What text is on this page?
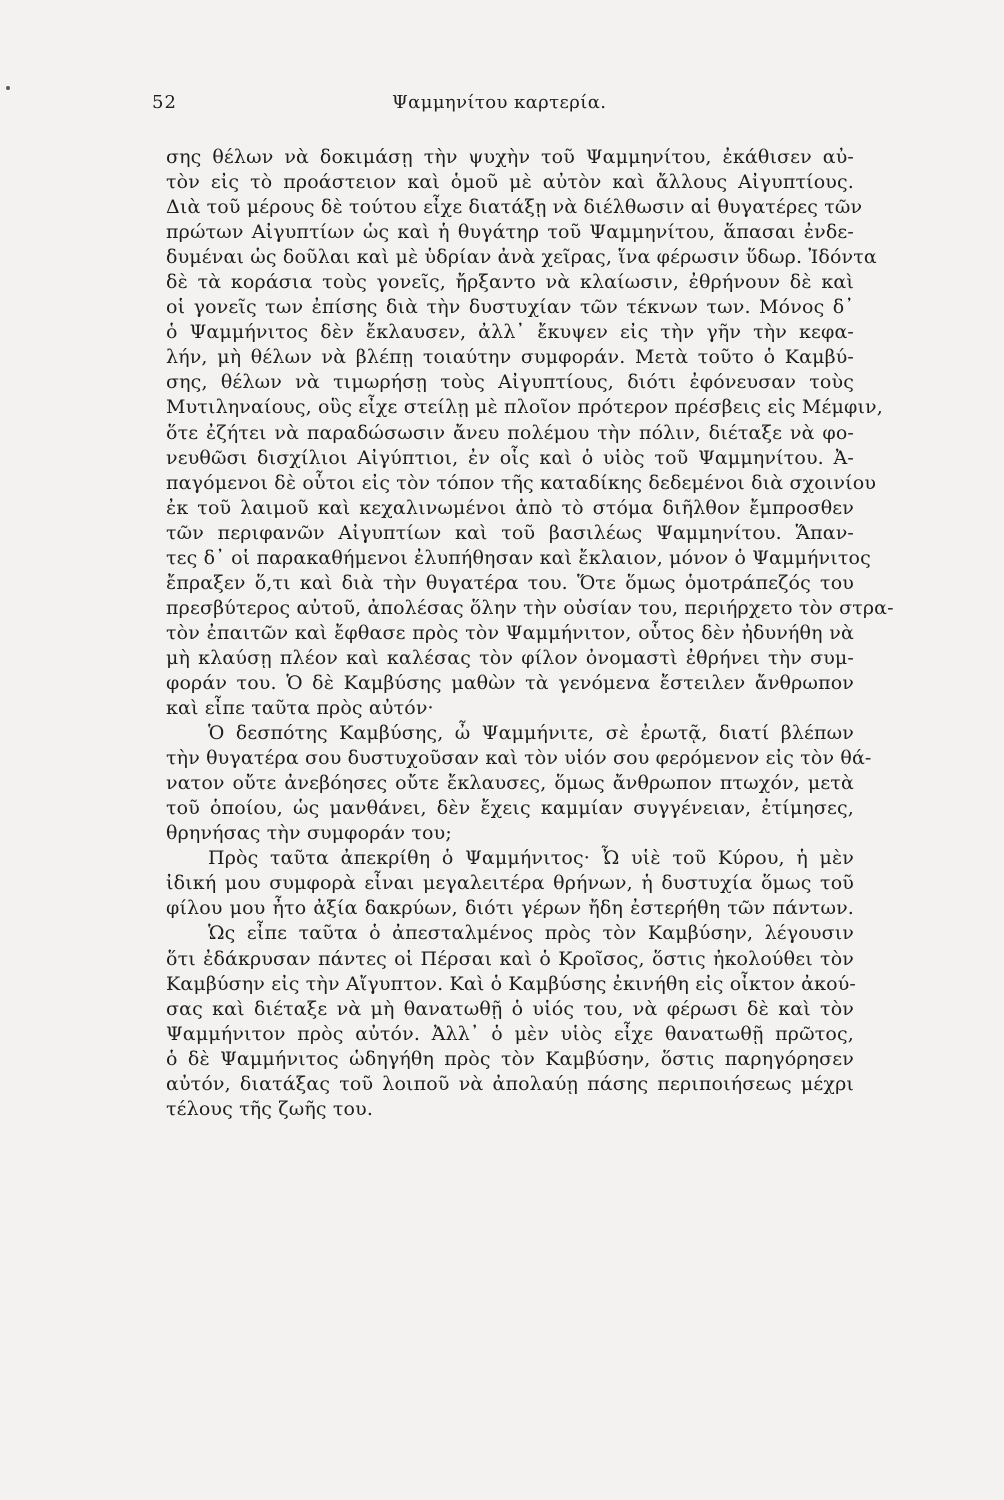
52	Ψαμμηνίτου καρτερία.
σης θέλων νὰ δοκιμάσῃ τὴν ψυχὴν τοῦ Ψαμμηνίτου, ἐκάθισεν αὐ-
τὸν εἰς τὸ προάστειον καὶ ὁμοῦ μὲ αὐτὸν καὶ ἄλλους Αἰγυπτίους.
Διὰ τοῦ μέρους δὲ τούτου εἶχε διατάξῃ νὰ διέλθωσιν αἱ θυγατέρες τῶν
πρώτων Αἰγυπτίων ὡς καὶ ἡ θυγάτηρ τοῦ Ψαμμηνίτου, ἅπασαι ἐνδε-
δυμέναι ὡς δοῦλαι καὶ μὲ ὑδρίαν ἀνὰ χεῖρας, ἵνα φέρωσιν ὕδωρ. Ἰδόντα
δὲ τὰ κοράσια τοὺς γονεῖς, ἤρξαντο νὰ κλαίωσιν, ἐθρήνουν δὲ καὶ
οἱ γονεῖς των ἐπίσης διὰ τὴν δυστυχίαν τῶν τέκνων των. Μόνος δ᾽
ὁ Ψαμμήνιτος δὲν ἔκλαυσεν, ἀλλ᾽ ἔκυψεν εἰς τὴν γῆν τὴν κεφα-
λήν, μὴ θέλων νὰ βλέπῃ τοιαύτην συμφοράν. Μετὰ τοῦτο ὁ Καμβύ-
σης, θέλων νὰ τιμωρήσῃ τοὺς Αἰγυπτίους, διότι ἐφόνευσαν τοὺς
Μυτιληναίους, οὓς εἶχε στείλῃ μὲ πλοῖον πρότερον πρέσβεις εἰς Μέμφιν,
ὅτε ἐζήτει νὰ παραδώσωσιν ἄνευ πολέμου τὴν πόλιν, διέταξε νὰ φο-
νευθῶσι δισχίλιοι Αἰγύπτιοι, ἐν οἷς καὶ ὁ υἱὸς τοῦ Ψαμμηνίτου. Ἀ-
παγόμενοι δὲ οὗτοι εἰς τὸν τόπον τῆς καταδίκης δεδεμένοι διὰ σχοινίου
ἐκ τοῦ λαιμοῦ καὶ κεχαλινωμένοι ἀπὸ τὸ στόμα διῆλθον ἔμπροσθεν
τῶν περιφανῶν Αἰγυπτίων καὶ τοῦ βασιλέως Ψαμμηνίτου. Ἅπαν-
τες δ᾽ οἱ παρακαθήμενοι ἐλυπήθησαν καὶ ἔκλαιον, μόνον ὁ Ψαμμήνιτος
ἔπραξεν ὅ,τι καὶ διὰ τὴν θυγατέρα του. Ὅτε ὅμως ὁμοτράπεζός του
πρεσβύτερος αὐτοῦ, ἀπολέσας ὅλην τὴν οὐσίαν του, περιήρχετο τὸν στρα-
τὸν ἐπαιτῶν καὶ ἔφθασε πρὸς τὸν Ψαμμήνιτον, οὗτος δὲν ἠδυνήθη νὰ
μὴ κλαύσῃ πλέον καὶ καλέσας τὸν φίλον ὀνομαστὶ ἐθρήνει τὴν συμ-
φοράν του. Ὁ δὲ Καμβύσης μαθὼν τὰ γενόμενα ἔστειλεν ἄνθρωπον
καὶ εἶπε ταῦτα πρὸς αὐτόν·
Ὁ δεσπότης Καμβύσης, ὦ Ψαμμήνιτε, σὲ ἐρωτᾷ, διατί βλέπων
τὴν θυγατέρα σου δυστυχοῦσαν καὶ τὸν υἱόν σου φερόμενον εἰς τὸν θά-
νατον οὔτε ἀνεβόησες οὔτε ἔκλαυσες, ὅμως ἄνθρωπον πτωχόν, μετὰ
τοῦ ὁποίου, ὡς μανθάνει, δὲν ἔχεις καμμίαν συγγένειαν, ἐτίμησες,
θρηνήσας τὴν συμφοράν του;
Πρὸς ταῦτα ἀπεκρίθη ὁ Ψαμμήνιτος· Ὦ υἱὲ τοῦ Κύρου, ἡ μὲν
ἰδική μου συμφορὰ εἶναι μεγαλειτέρα θρήνων, ἡ δυστυχία ὅμως τοῦ
φίλου μου ἦτο ἀξία δακρύων, διότι γέρων ἤδη ἐστερήθη τῶν πάντων.
Ὡς εἶπε ταῦτα ὁ ἀπεσταλμένος πρὸς τὸν Καμβύσην, λέγουσιν
ὅτι ἐδάκρυσαν πάντες οἱ Πέρσαι καὶ ὁ Κροῖσος, ὅστις ἠκολούθει τὸν
Καμβύσην εἰς τὴν Αἴγυπτον. Καὶ ὁ Καμβύσης ἐκινήθη εἰς οἶκτον ἀκού-
σας καὶ διέταξε νὰ μὴ θανατωθῇ ὁ υἱός του, νὰ φέρωσι δὲ καὶ τὸν
Ψαμμήνιτον πρὸς αὐτόν. Ἀλλ᾽ ὁ μὲν υἱὸς εἶχε θανατωθῇ πρῶτος,
ὁ δὲ Ψαμμήνιτος ὡδηγήθη πρὸς τὸν Καμβύσην, ὅστις παρηγόρησεν
αὐτόν, διατάξας τοῦ λοιποῦ νὰ ἀπολαύῃ πάσης περιποιήσεως μέχρι
τέλους τῆς ζωῆς του.
